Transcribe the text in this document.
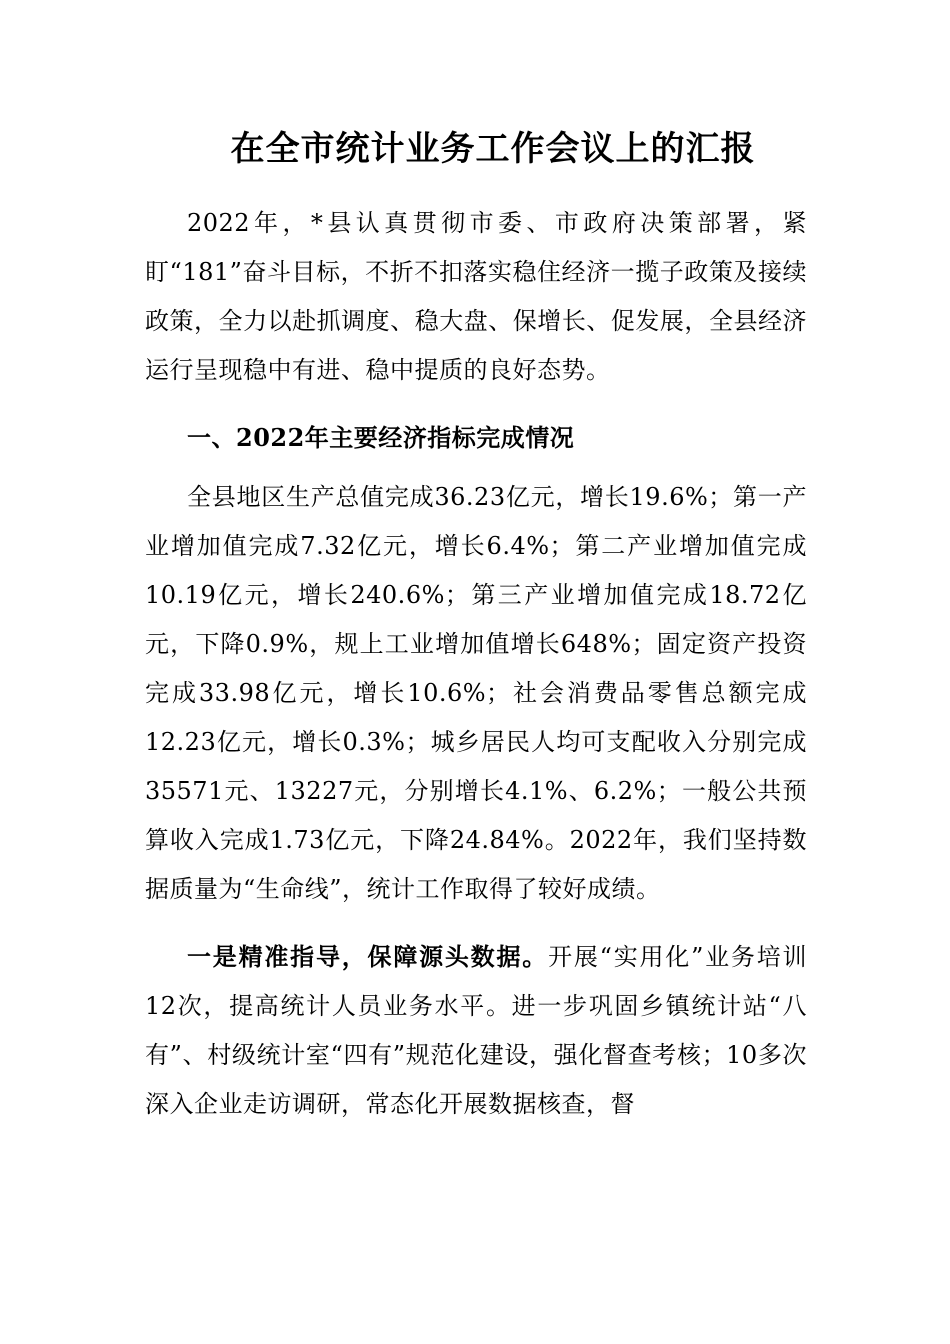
在全市统计业务工作会议上的汇报

2022年，*县认真贯彻市委、市政府决策部署，紧盯“181”奋斗目标，不折不扣落实稳住经济一揽子政策及接续政策，全力以赴抓调度、稳大盘、保增长、促发展，全县经济运行呈现稳中有进、稳中提质的良好态势。

一、2022年主要经济指标完成情况

全县地区生产总值完成36.23亿元，增长19.6%；第一产业增加值完成7.32亿元，增长6.4%；第二产业增加值完成10.19亿元，增长240.6%；第三产业增加值完成18.72亿元，下降0.9%，规上工业增加值增长648%；固定资产投资完成33.98亿元，增长10.6%；社会消费品零售总额完成12.23亿元，增长0.3%；城乡居民人均可支配收入分别完成35571元、13227元，分别增长4.1%、6.2%；一般公共预算收入完成1.73亿元，下降24.84%。2022年，我们坚持数据质量为“生命线”，统计工作取得了较好成绩。

一是精准指导，保障源头数据。开展“实用化”业务培训12次，提高统计人员业务水平。进一步巩固乡镇统计站“八有”、村级统计室“四有”规范化建设，强化督查考核；10多次深入企业走访调研，常态化开展数据核查，督
